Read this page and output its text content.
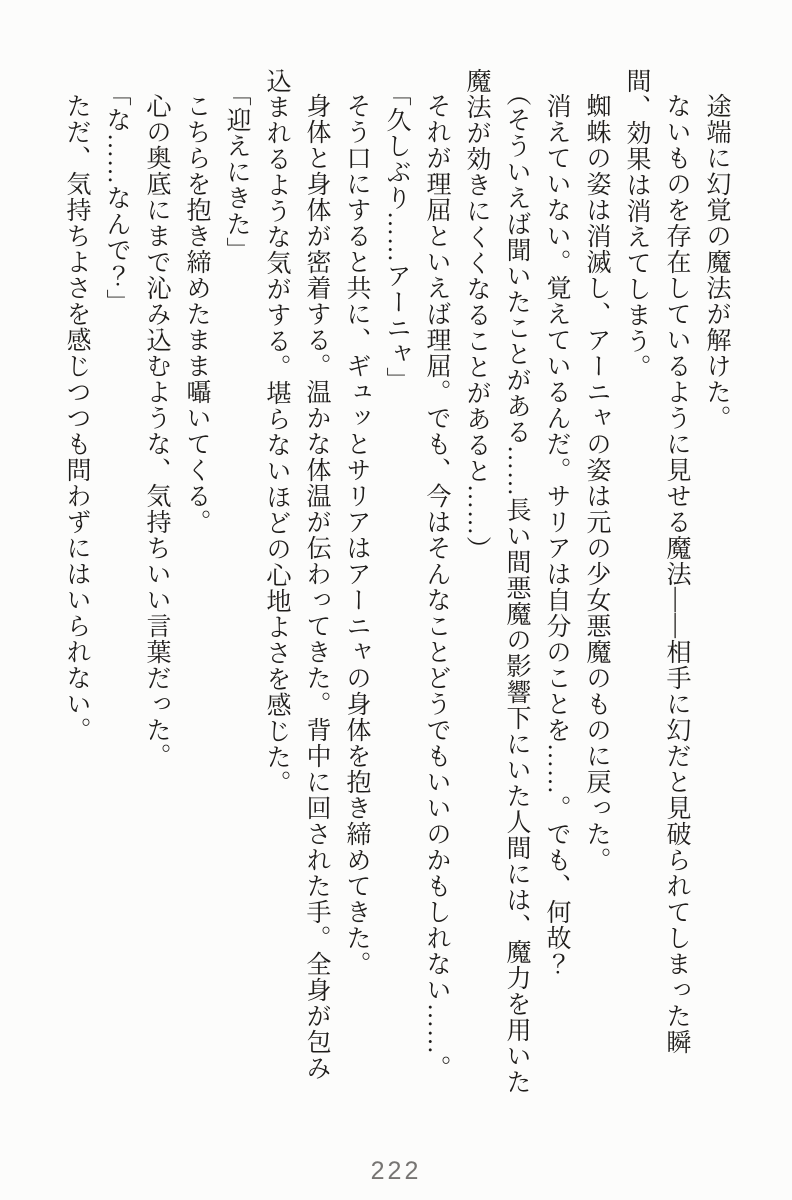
途端に幻覚の魔法が解けた。

ないものを存在しているように見せる魔法――相手に幻だと見破られてしまった瞬間、効果は消えてしまう。

蜘蛛の姿は消滅し、アーニャの姿は元の少女悪魔のものに戻った。

消えていない。覚えているんだ。サリアは自分のことを……。でも、何故？

（そういえば聞いたことがある……長い間悪魔の影響下にいた人間には、魔力を用いた魔法が効きにくくなることがあると……）

それが理屈といえば理屈。でも、今はそんなことどうでもいいのかもしれない……。

「久しぶり……アーニャ」

そう口にすると共に、ギュッとサリアはアーニャの身体を抱き締めてきた。

身体と身体が密着する。温かな体温が伝わってきた。背中に回された手。全身が包み込まれるような気がする。堪らないほどの心地よさを感じた。

「迎えにきた」

こちらを抱き締めたまま囁いてくる。

心の奥底にまで沁み込むような、気持ちいい言葉だった。

「な……なんで？」

ただ、気持ちよさを感じつつも問わずにはいられない。

222
